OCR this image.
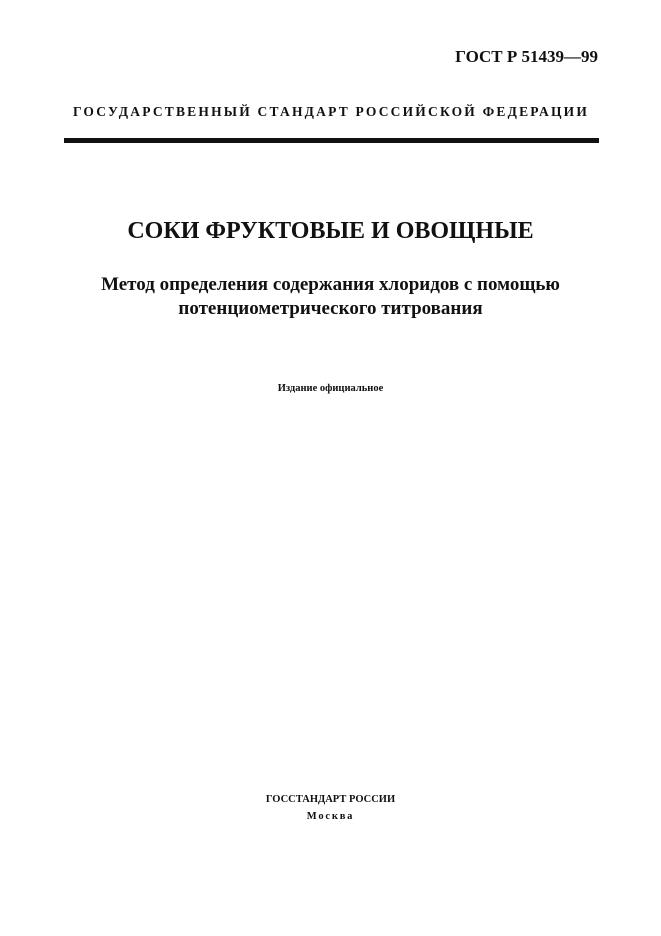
ГОСТ Р 51439—99
ГОСУДАРСТВЕННЫЙ СТАНДАРТ РОССИЙСКОЙ ФЕДЕРАЦИИ
СОКИ ФРУКТОВЫЕ И ОВОЩНЫЕ
Метод определения содержания хлоридов с помощью
потенциометрического титрования
Издание официальное
ГОССТАНДАРТ РОССИИ
Москва
